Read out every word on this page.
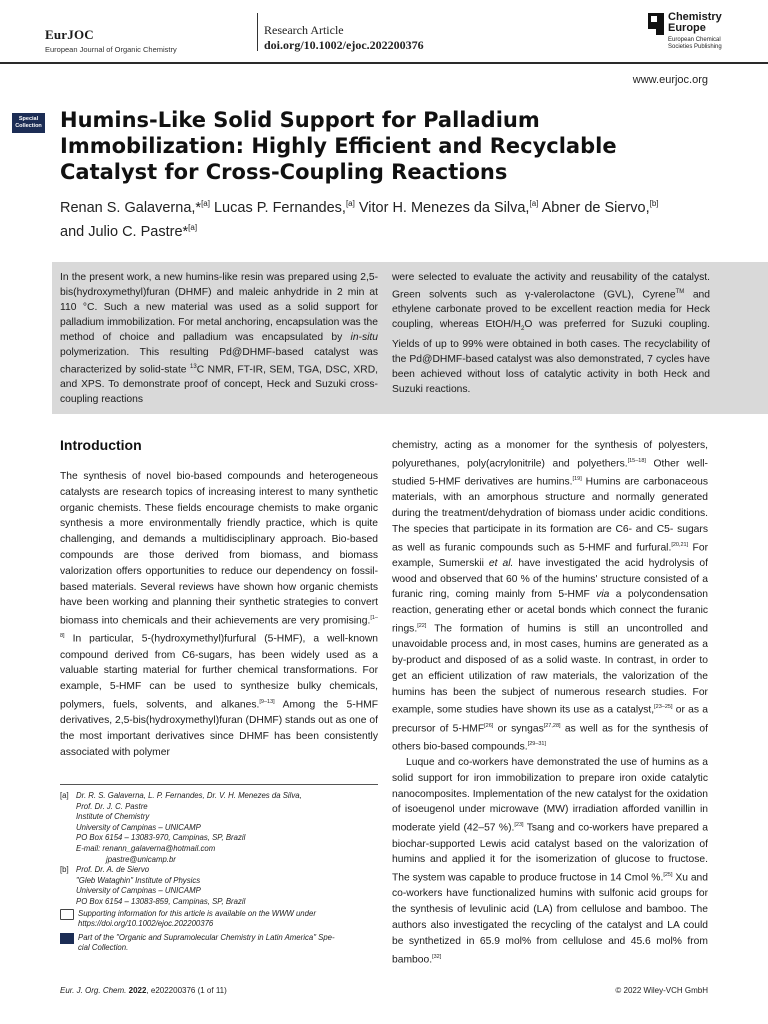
EurJOC
European Journal of Organic Chemistry
Research Article
doi.org/10.1002/ejoc.202200376
Chemistry
Europe
European Chemical
Societies Publishing
www.eurjoc.org
Special
Collection Humins-Like Solid Support for Palladium Immobilization: Highly Efficient and Recyclable Catalyst for Cross-Coupling Reactions
Renan S. Galaverna,*[a] Lucas P. Fernandes,[a] Vitor H. Menezes da Silva,[a] Abner de Siervo,[b]
and Julio C. Pastre*[a]
In the present work, a new humins-like resin was prepared using 2,5-bis(hydroxymethyl)furan (DHMF) and maleic anhydride in 2 min at 110 °C. Such a new material was used as a solid support for palladium immobilization. For metal anchoring, encapsulation was the method of choice and palladium was encapsulated by in-situ polymerization. This resulting Pd@DHMF-based catalyst was characterized by solid-state $^{13}$C NMR, FT-IR, SEM, TGA, DSC, XRD, and XPS. To demonstrate proof of concept, Heck and Suzuki cross-coupling reactions
were selected to evaluate the activity and reusability of the catalyst. Green solvents such as γ-valerolactone (GVL), Cyrene™ and ethylene carbonate proved to be excellent reaction media for Heck coupling, whereas EtOH/$H_2O$ was preferred for Suzuki coupling. Yields of up to 99% were obtained in both cases. The recyclability of the Pd@DHMF-based catalyst was also demonstrated, 7 cycles have been achieved without loss of catalytic activity in both Heck and Suzuki reactions.
Introduction

The synthesis of novel bio-based compounds and heterogeneous catalysts are research topics of increasing interest to many synthetic organic chemists. These fields encourage chemists to make organic synthesis a more environmentally friendly practice, which is quite challenging, and demands a multidisciplinary approach. Bio-based compounds are those derived from biomass, and biomass valorization offers opportunities to reduce our dependency on fossil-based materials. Several reviews have shown how organic chemists have been working and planning their synthetic strategies to convert biomass into chemicals and their achievements are very promising.[1–8] In particular, 5-(hydroxymethyl)furfural (5-HMF), a well-known compound derived from C6-sugars, has been widely used as a valuable starting material for further chemical transformations. For example, 5-HMF can be used to synthesize bulky chemicals, polymers, fuels, solvents, and alkanes.[9–13] Among the 5-HMF derivatives, 2,5-bis(hydroxymethyl)furan (DHMF) stands out as one of the most important derivatives since DHMF has been consistently associated with polymer

chemistry, acting as a monomer for the synthesis of polyesters, polyurethanes, poly(acrylonitrile) and polyethers.[15–18] Other well-studied 5-HMF derivatives are humins.[19] Humins are carbonaceous materials, with an amorphous structure and normally generated during the treatment/dehydration of biomass under acidic conditions. The species that participate in its formation are C6- and C5- sugars as well as furanic compounds such as 5-HMF and furfural.[20,21] For example, Sumerskii et al. have investigated the acid hydrolysis of wood and observed that 60 % of the humins' structure consisted of a furanic ring, coming mainly from 5-HMF via a polycondensation reaction, generating ether or acetal bonds which connect the furanic rings.[22] The formation of humins is still an uncontrolled and unavoidable process and, in most cases, humins are generated as a by-product and disposed of as a solid waste. In contrast, in order to get an efficient utilization of raw materials, the valorization of the humins has been the subject of numerous research studies. For example, some studies have shown its use as a catalyst,[23–25] or as a precursor of 5-HMF[26] or syngas[27,28] as well as for the synthesis of others bio-based compounds.[29–31]

Luque and co-workers have demonstrated the use of humins as a solid support for iron immobilization to prepare iron oxide catalytic nanocomposites. Implementation of the new catalyst for the oxidation of isoeugenol under microwave (MW) irradiation afforded vanillin in moderate yield (42–57 %).[23] Tsang and co-workers have prepared a biochar-supported Lewis acid catalyst based on the valorization of humins and applied it for the isomerization of glucose to fructose. The system was capable to produce fructose in 14 Cmol %.[25] Xu and co-workers have functionalized humins with sulfonic acid groups for the synthesis of levulinic acid (LA) from cellulose and bamboo. The authors also investigated the recycling of the catalyst and LA could be synthetized in 65.9 mol% from cellulose and 45.6 mol% from bamboo.[32]

[a] Dr. R. S. Galaverna, L. P. Fernandes, Dr. V. H. Menezes da Silva,
Prof. Dr. J. C. Pastre
Institute of Chemistry
University of Campinas – UNICAMP
PO Box 6154 – 13083-970, Campinas, SP, Brazil
E-mail: renann_galaverna@hotmail.com
jpastre@unicamp.br
[b] Prof. Dr. A. de Siervo
"Gleb Wataghin" Institute of Physics
University of Campinas – UNICAMP
PO Box 6154 – 13083-859, Campinas, SP, Brazil
Supporting information for this article is available on the WWW under
https://doi.org/10.1002/ejoc.202200376
Part of the "Organic and Supramolecular Chemistry in Latin America" Spe-
cial Collection.
Eur. J. Org. Chem. 2022, e202200376 (1 of 11)	© 2022 Wiley-VCH GmbH
